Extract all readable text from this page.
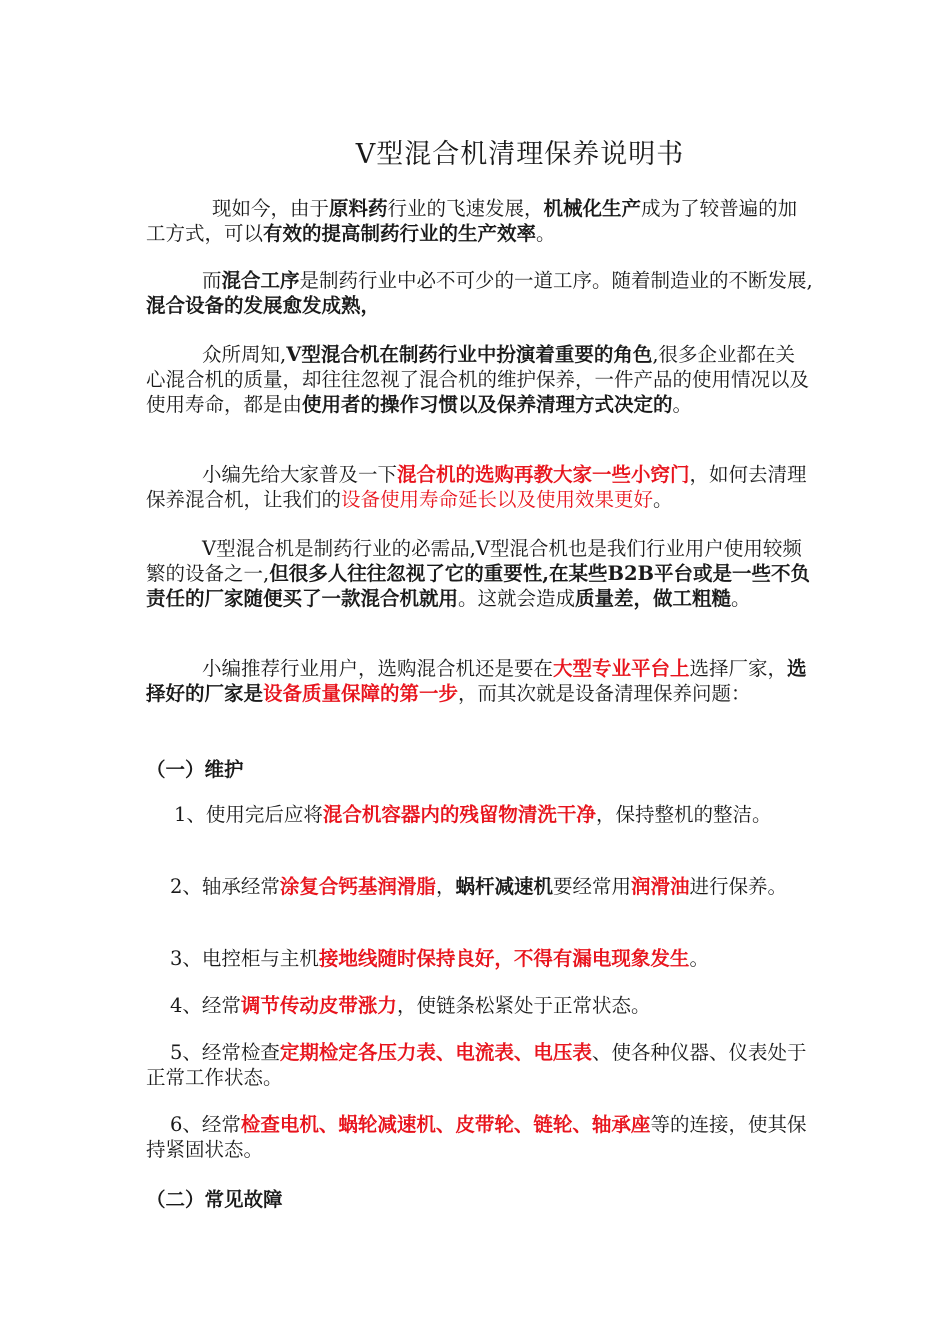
V型混合机清理保养说明书

现如今，由于原料药行业的飞速发展，机械化生产成为了较普遍的加工方式，可以有效的提高制药行业的生产效率。

而混合工序是制药行业中必不可少的一道工序。随着制造业的不断发展,混合设备的发展愈发成熟，

众所周知,V型混合机在制药行业中扮演着重要的角色,很多企业都在关心混合机的质量，却往往忽视了混合机的维护保养，一件产品的使用情况以及使用寿命，都是由使用者的操作习惯以及保养清理方式决定的。

小编先给大家普及一下混合机的选购再教大家一些小窍门，如何去清理保养混合机，让我们的设备使用寿命延长以及使用效果更好。

V型混合机是制药行业的必需品,V型混合机也是我们行业用户使用较频繁的设备之一,但很多人往往忽视了它的重要性,在某些B2B平台或是一些不负责任的厂家随便买了一款混合机就用。这就会造成质量差，做工粗糙。

小编推荐行业用户，选购混合机还是要在大型专业平台上选择厂家，选择好的厂家是设备质量保障的第一步，而其次就是设备清理保养问题：

（一）维护

1、使用完后应将混合机容器内的残留物清洗干净，保持整机的整洁。

2、轴承经常涂复合钙基润滑脂，蜗杆减速机要经常用润滑油进行保养。

3、电控柜与主机接地线随时保持良好，不得有漏电现象发生。

4、经常调节传动皮带涨力，使链条松紧处于正常状态。

5、经常检查定期检定各压力表、电流表、电压表、使各种仪器、仪表处于正常工作状态。

6、经常检查电机、蜗轮减速机、皮带轮、链轮、轴承座等的连接，使其保持紧固状态。

（二）常见故障
